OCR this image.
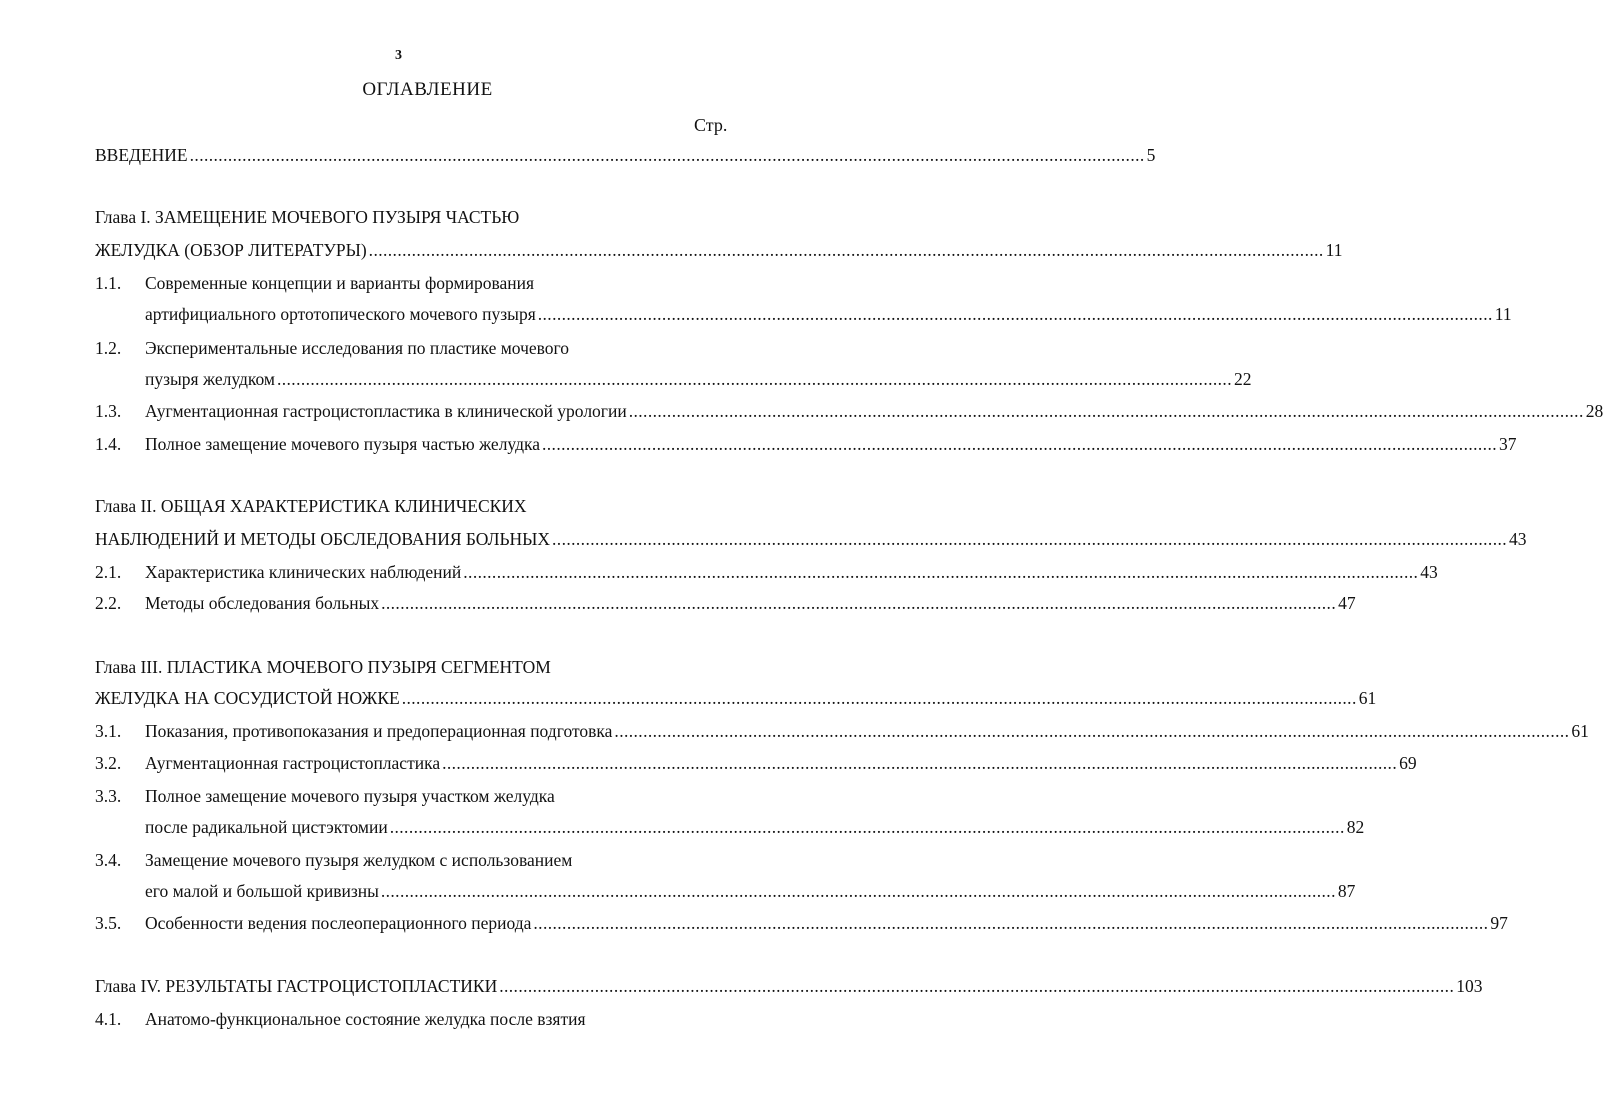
3
ОГЛАВЛЕНИЕ
Стр.
ВВЕДЕНИЕ ........................................................................................................................................................................................................ 5
Глава I. ЗАМЕЩЕНИЕ МОЧЕВОГО ПУЗЫРЯ ЧАСТЬЮ
ЖЕЛУДКА (ОБЗОР ЛИТЕРАТУРЫ) ........................................................................................................................................................................................................ 11
1.1. Современные концепции и варианты формирования
артифициального ортотопического мочевого пузыря ........................................................................................................................................................................................................ 11
1.2. Экспериментальные исследования по пластике мочевого
пузыря желудком ........................................................................................................................................................................................................ 22
1.3. Аугментационная гастроцистопластика в клинической урологии ........................................................................................................................................................................................................ 28
1.4. Полное замещение мочевого пузыря частью желудка ........................................................................................................................................................................................................ 37
Глава II. ОБЩАЯ ХАРАКТЕРИСТИКА КЛИНИЧЕСКИХ
НАБЛЮДЕНИЙ И МЕТОДЫ ОБСЛЕДОВАНИЯ БОЛЬНЫХ ........................................................................................................................................................................................................ 43
2.1. Характеристика клинических наблюдений ........................................................................................................................................................................................................ 43
2.2. Методы обследования больных ........................................................................................................................................................................................................ 47
Глава III. ПЛАСТИКА МОЧЕВОГО ПУЗЫРЯ СЕГМЕНТОМ
ЖЕЛУДКА НА СОСУДИСТОЙ НОЖКЕ ........................................................................................................................................................................................................ 61
3.1. Показания, противопоказания и предоперационная подготовка ........................................................................................................................................................................................................ 61
3.2. Аугментационная гастроцистопластика ........................................................................................................................................................................................................ 69
3.3. Полное замещение мочевого пузыря участком желудка
после радикальной цистэктомии ........................................................................................................................................................................................................ 82
3.4. Замещение мочевого пузыря желудком с использованием
его малой и большой кривизны ........................................................................................................................................................................................................ 87
3.5. Особенности ведения послеоперационного периода ........................................................................................................................................................................................................ 97
Глава IV. РЕЗУЛЬТАТЫ ГАСТРОЦИСТОПЛАСТИКИ ........................................................................................................................................................................................................ 103
4.1. Анатомо-функциональное состояние желудка после взятия
